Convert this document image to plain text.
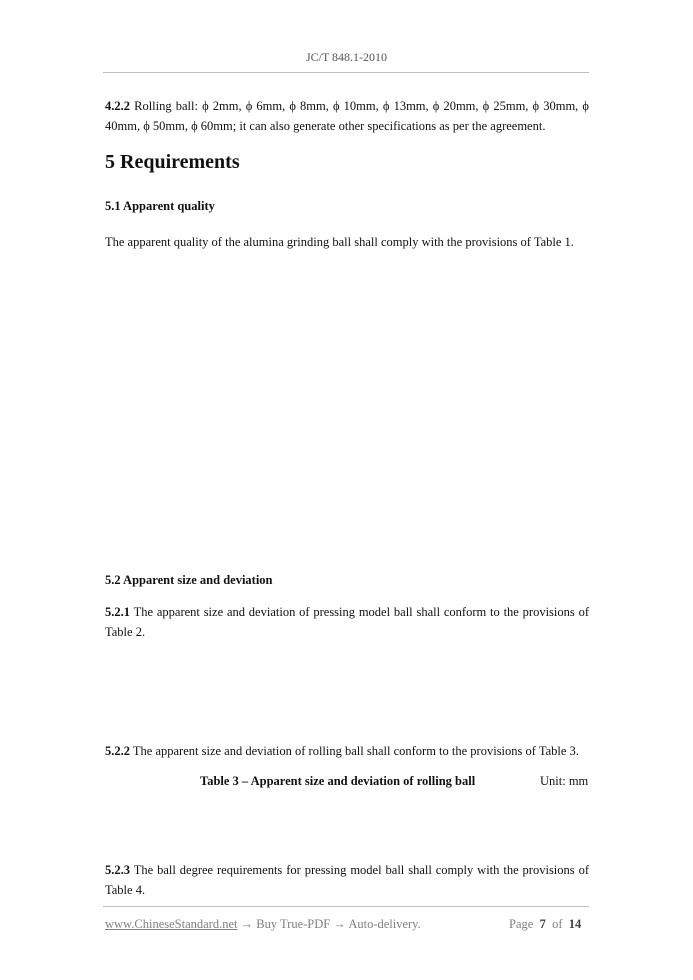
JC/T 848.1-2010
4.2.2 Rolling ball: ϕ 2mm, ϕ 6mm, ϕ 8mm, ϕ 10mm, ϕ 13mm, ϕ 20mm, ϕ 25mm, ϕ 30mm, ϕ 40mm, ϕ 50mm, ϕ 60mm; it can also generate other specifications as per the agreement.
5 Requirements
5.1 Apparent quality
The apparent quality of the alumina grinding ball shall comply with the provisions of Table 1.
5.2 Apparent size and deviation
5.2.1 The apparent size and deviation of pressing model ball shall conform to the provisions of Table 2.
5.2.2 The apparent size and deviation of rolling ball shall conform to the provisions of Table 3.
Table 3 – Apparent size and deviation of rolling ball	Unit: mm
5.2.3 The ball degree requirements for pressing model ball shall comply with the provisions of Table 4.
www.ChineseStandard.net → Buy True-PDF → Auto-delivery.	Page 7 of 14
